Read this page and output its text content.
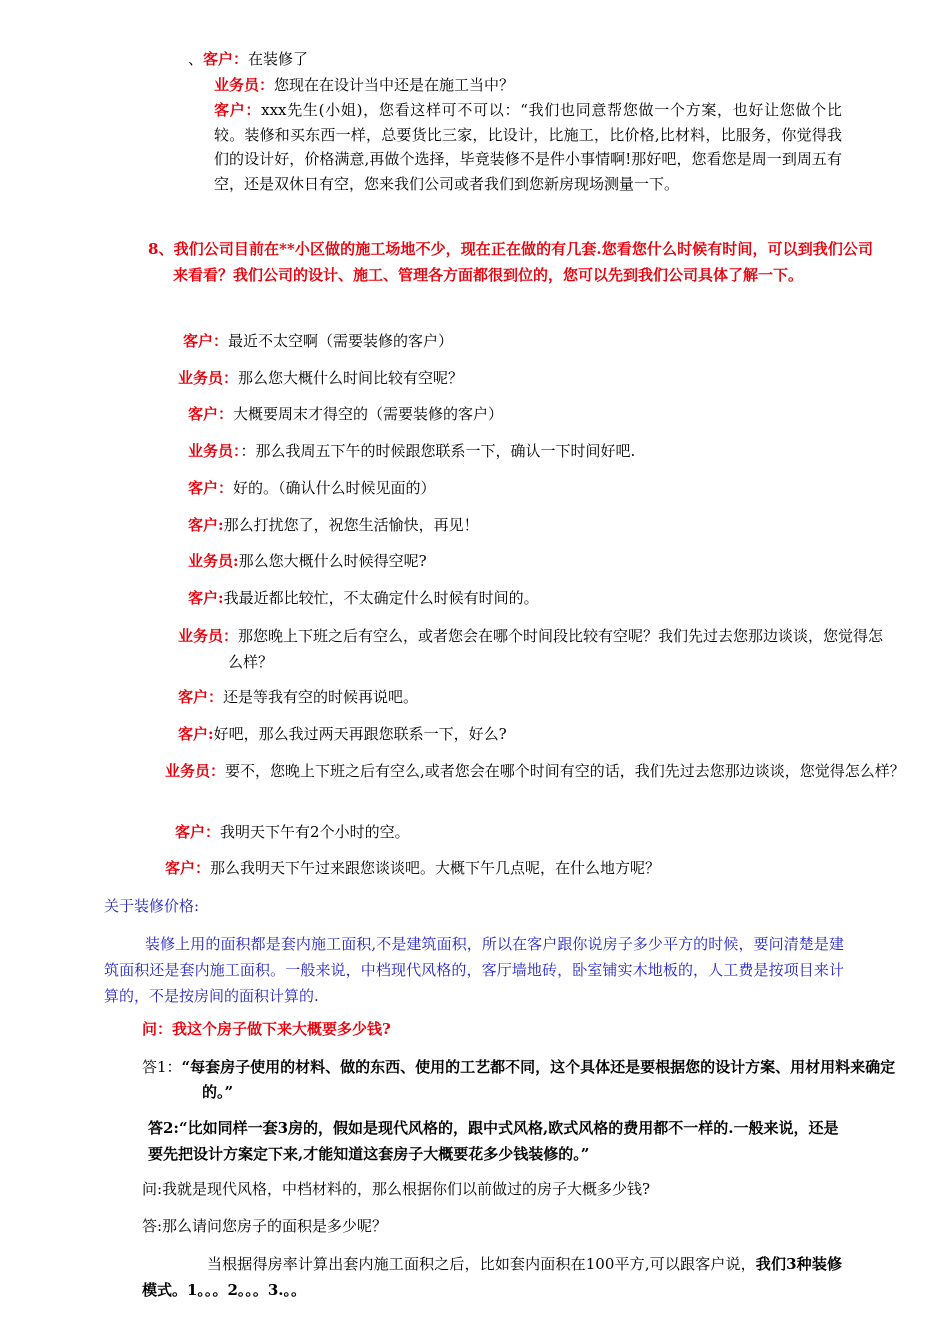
、客户：在装修了
业务员：您现在在设计当中还是在施工当中？
客户：xxx先生(小姐)，您看这样可不可以：“我们也同意帮您做一个方案，也好让您做个比较。装修和买东西一样，总要货比三家，比设计，比施工，比价格,比材料，比服务，你觉得我们的设计好，价格满意,再做个选择，毕竟装修不是件小事情啊!那好吧，您看您是周一到周五有空，还是双休日有空，您来我们公司或者我们到您新房现场测量一下。
8、我们公司目前在**小区做的施工场地不少，现在正在做的有几套.您看您什么时候有时间，可以到我们公司来看看？我们公司的设计、施工、管理各方面都很到位的，您可以先到我们公司具体了解一下。
客户：最近不太空啊（需要装修的客户）
业务员：那么您大概什么时间比较有空呢？
客户：大概要周末才得空的（需要装修的客户）
业务员：：那么我周五下午的时候跟您联系一下，确认一下时间好吧.
客户：好的。（确认什么时候见面的）
客户:那么打扰您了，祝您生活愉快，再见！
业务员:那么您大概什么时候得空呢?
客户:我最近都比较忙，不太确定什么时候有时间的。
业务员：那您晚上下班之后有空么，或者您会在哪个时间段比较有空呢？我们先过去您那边谈谈，您觉得怎么样？
客户：还是等我有空的时候再说吧。
客户:好吧，那么我过两天再跟您联系一下，好么?
业务员：要不，您晚上下班之后有空么,或者您会在哪个时间有空的话，我们先过去您那边谈谈，您觉得怎么样？
客户：我明天下午有2个小时的空。
客户：那么我明天下午过来跟您谈谈吧。大概下午几点呢，在什么地方呢？
关于装修价格:
装修上用的面积都是套内施工面积,不是建筑面积，所以在客户跟你说房子多少平方的时候，要问清楚是建筑面积还是套内施工面积。一般来说，中档现代风格的，客厅墙地砖，卧室铺实木地板的，人工费是按项目来计算的，不是按房间的面积计算的.
问：我这个房子做下来大概要多少钱?
答1：“每套房子使用的材料、做的东西、使用的工艺都不同，这个具体还是要根据您的设计方案、用材用料来确定的。”
答2:“比如同样一套3房的，假如是现代风格的，跟中式风格,欧式风格的费用都不一样的.一般来说，还是要先把设计方案定下来,才能知道这套房子大概要花多少钱装修的。”
问:我就是现代风格，中档材料的，那么根据你们以前做过的房子大概多少钱?
答:那么请问您房子的面积是多少呢？
当根据得房率计算出套内施工面积之后，比如套内面积在100平方,可以跟客户说，我们3种装修模式。1。。。2。。。3.。。
